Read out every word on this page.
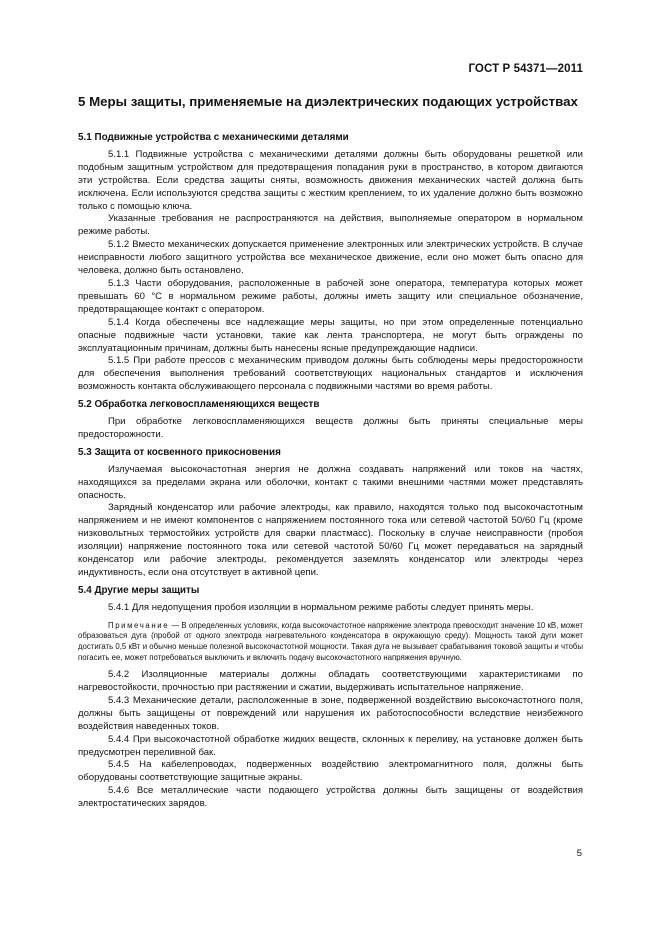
ГОСТ Р 54371—2011
5 Меры защиты, применяемые на диэлектрических подающих устройствах
5.1 Подвижные устройства с механическими деталями

5.1.1 Подвижные устройства с механическими деталями должны быть оборудованы решеткой или подобным защитным устройством для предотвращения попадания руки в пространство, в котором двигаются эти устройства. Если средства защиты сняты, возможность движения механических частей должна быть исключена. Если используются средства защиты с жестким креплением, то их удаление должно быть возможно только с помощью ключа.

Указанные требования не распространяются на действия, выполняемые оператором в нормальном режиме работы.

5.1.2 Вместо механических допускается применение электронных или электрических устройств. В случае неисправности любого защитного устройства все механическое движение, если оно может быть опасно для человека, должно быть остановлено.

5.1.3 Части оборудования, расположенные в рабочей зоне оператора, температура которых может превышать 60 °С в нормальном режиме работы, должны иметь защиту или специальное обозначение, предотвращающее контакт с оператором.

5.1.4 Когда обеспечены все надлежащие меры защиты, но при этом определенные потенциально опасные подвижные части установки, такие как лента транспортера, не могут быть ограждены по эксплуатационным причинам, должны быть нанесены ясные предупреждающие надписи.

5.1.5 При работе прессов с механическим приводом должны быть соблюдены меры предосторожности для обеспечения выполнения требований соответствующих национальных стандартов и исключения возможность контакта обслуживающего персонала с подвижными частями во время работы.

5.2 Обработка легковоспламеняющихся веществ

При обработке легковоспламеняющихся веществ должны быть приняты специальные меры предосторожности.

5.3 Защита от косвенного прикосновения

Излучаемая высокочастотная энергия не должна создавать напряжений или токов на частях, находящихся за пределами экрана или оболочки, контакт с такими внешними частями может представлять опасность.

Зарядный конденсатор или рабочие электроды, как правило, находятся только под высокочастотным напряжением и не имеют компонентов с напряжением постоянного тока или сетевой частотой 50/60 Гц (кроме низковольтных термостойких устройств для сварки пластмасс). Поскольку в случае неисправности (пробоя изоляции) напряжение постоянного тока или сетевой частотой 50/60 Гц может передаваться на зарядный конденсатор или рабочие электроды, рекомендуется заземлять конденсатор или электроды через индуктивность, если она отсутствует в активной цепи.

5.4 Другие меры защиты

5.4.1 Для недопущения пробоя изоляции в нормальном режиме работы следует принять меры.

Примечание — В определенных условиях, когда высокочастотное напряжение электрода превосходит значение 10 кВ, может образоваться дуга (пробой от одного электрода нагревательного конденсатора в окружающую среду). Мощность такой дуги может достигать 0,5 кВт и обычно меньше полезной высокочастотной мощности. Такая дуга не вызывает срабатывания токовой защиты и чтобы погасить ее, может потребоваться выключить и включить подачу высокочастотного напряжения вручную.

5.4.2 Изоляционные материалы должны обладать соответствующими характеристиками по нагревостойкости, прочностью при растяжении и сжатии, выдерживать испытательное напряжение.

5.4.3 Механические детали, расположенные в зоне, подверженной воздействию высокочастотного поля, должны быть защищены от повреждений или нарушения их работоспособности вследствие неизбежного воздействия наведенных токов.

5.4.4 При высокочастотной обработке жидких веществ, склонных к переливу, на установке должен быть предусмотрен переливной бак.

5.4.5 На кабелепроводах, подверженных воздействию электромагнитного поля, должны быть оборудованы соответствующие защитные экраны.

5.4.6 Все металлические части подающего устройства должны быть защищены от воздействия электростатических зарядов.

5
